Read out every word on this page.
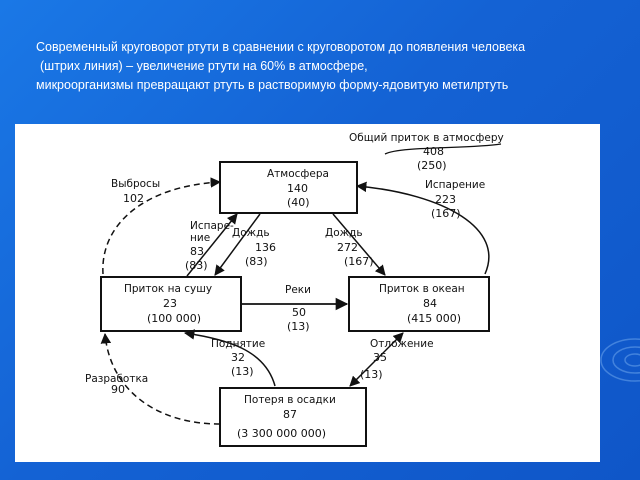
Современный круговорот ртути в сравнении с круговоротом до появления человека
(штрих линия) – увеличение ртути на 60% в атмосфере,
микроорганизмы превращают ртуть в растворимую форму-ядовитую метилртуть
Атмосфера
140
(40)
Приток на сушу
23
(100 000)
Приток в океан
84
(415 000)
Потеря в осадки
87
(3 300 000 000)
Общий приток в атмосферу
408
(250)
Выбросы
102
Испарение
223
(167)
Испаре-
ние
83
(83)
Дождь
136
(83)
Дождь
272
(167)
Реки
50
(13)
Поднятие
32
(13)
Отложение
35
(13)
Разработка
90
